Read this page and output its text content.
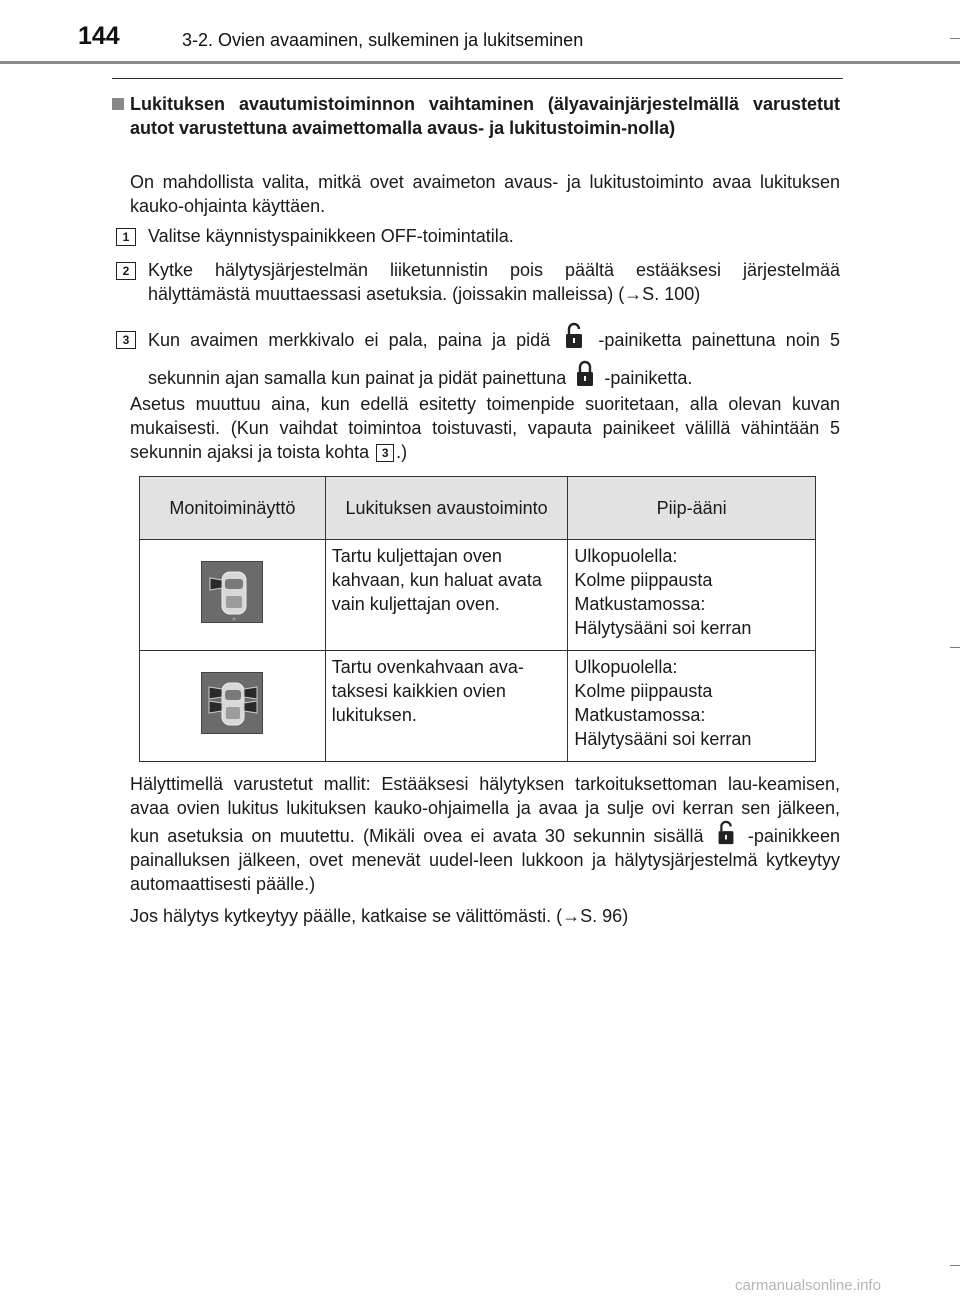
144	3-2. Ovien avaaminen, sulkeminen ja lukitseminen
Lukituksen avautumistoiminnon vaihtaminen (älyavainjärjestelmällä varustetut autot varustettuna avaimettomalla avaus- ja lukitustoimin-nolla)
On mahdollista valita, mitkä ovet avaimeton avaus- ja lukitustoiminto avaa lukituksen kauko-ohjainta käyttäen.
1	Valitse käynnistyspainikkeen OFF-toimintatila.
2	Kytke hälytysjärjestelmän liiketunnistin pois päältä estääksesi järjestelmää hälyttämästä muuttaessasi asetuksia. (joissakin malleissa) (→S. 100)
3	Kun avaimen merkkivalo ei pala, paina ja pidä	-painiketta painettuna noin 5 sekunnin ajan samalla kun painat ja pidät painettuna -painiketta.
Asetus muuttuu aina, kun edellä esitetty toimenpide suoritetaan, alla olevan kuvan mukaisesti. (Kun vaihdat toimintoa toistuvasti, vapauta painikeet välillä vähintään 5 sekunnin ajaksi ja toista kohta 3 .)
Monitoiminäyttö	Lukituksen avaustoiminto	Piip-ääni
	Tartu kuljettajan oven kahvaan, kun haluat avata vain kuljettajan oven.	Ulkopuolella:
Kolme piippausta
Matkustamossa:
Hälytysääni soi kerran

	Tartu ovenkahvaan ava-taksesi kaikkien ovien lukituksen.	Ulkopuolella:
Kolme piippausta
Matkustamossa:
Hälytysääni soi kerran
Hälyttimellä varustetut mallit: Estääksesi hälytyksen tarkoituksettoman lau-keamisen, avaa ovien lukitus lukituksen kauko-ohjaimella ja avaa ja sulje ovi kerran sen jälkeen, kun asetuksia on muutettu. (Mikäli ovea ei avata 30 sekunnin sisällä -painikkeen painalluksen jälkeen, ovet menevät uudel-leen lukkoon ja hälytysjärjestelmä kytkeytyy automaattisesti päälle.)
Jos hälytys kytkeytyy päälle, katkaise se välittömästi. (→S. 96)
carmanualsonline.info
